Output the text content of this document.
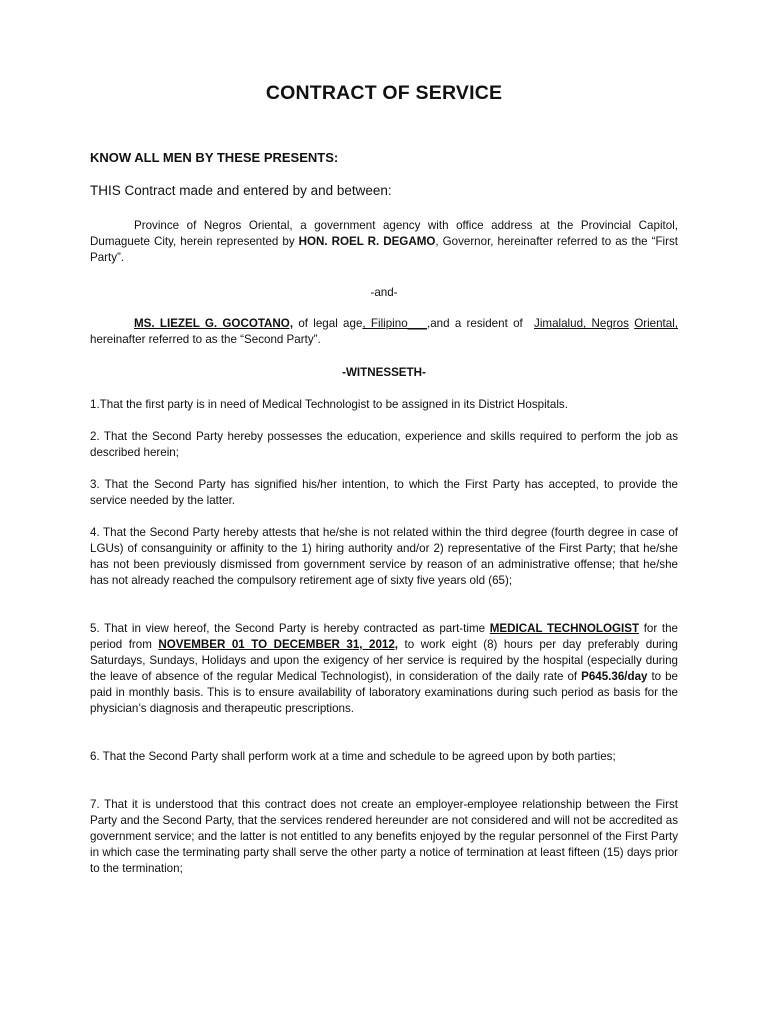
CONTRACT OF SERVICE
KNOW ALL MEN BY THESE PRESENTS:
THIS Contract made and entered by and between:
Province of Negros Oriental, a government agency with office address at the Provincial Capitol, Dumaguete City, herein represented by HON. ROEL R. DEGAMO, Governor, hereinafter referred to as the “First Party”.
-and-
MS. LIEZEL G. GOCOTANO, of legal age, Filipino___,and a resident of Jimalalud, Negros Oriental, hereinafter referred to as the “Second Party”.
-WITNESSETH-
1.That the first party is in need of Medical Technologist to be assigned in its District Hospitals.
2. That the Second Party hereby possesses the education, experience and skills required to perform the job as described herein;
3. That the Second Party has signified his/her intention, to which the First Party has accepted, to provide the service needed by the latter.
4. That the Second Party hereby attests that he/she is not related within the third degree (fourth degree in case of LGUs) of consanguinity or affinity to the 1) hiring authority and/or 2) representative of the First Party; that he/she has not been previously dismissed from government service by reason of an administrative offense; that he/she has not already reached the compulsory retirement age of sixty five years old (65);
5. That in view hereof, the Second Party is hereby contracted as part-time MEDICAL TECHNOLOGIST for the period from NOVEMBER 01 TO DECEMBER 31, 2012, to work eight (8) hours per day preferably during Saturdays, Sundays, Holidays and upon the exigency of her service is required by the hospital (especially during the leave of absence of the regular Medical Technologist), in consideration of the daily rate of P645.36/day to be paid in monthly basis. This is to ensure availability of laboratory examinations during such period as basis for the physician’s diagnosis and therapeutic prescriptions.
6. That the Second Party shall perform work at a time and schedule to be agreed upon by both parties;
7. That it is understood that this contract does not create an employer-employee relationship between the First Party and the Second Party, that the services rendered hereunder are not considered and will not be accredited as government service; and the latter is not entitled to any benefits enjoyed by the regular personnel of the First Party in which case the terminating party shall serve the other party a notice of termination at least fifteen (15) days prior to the termination;
